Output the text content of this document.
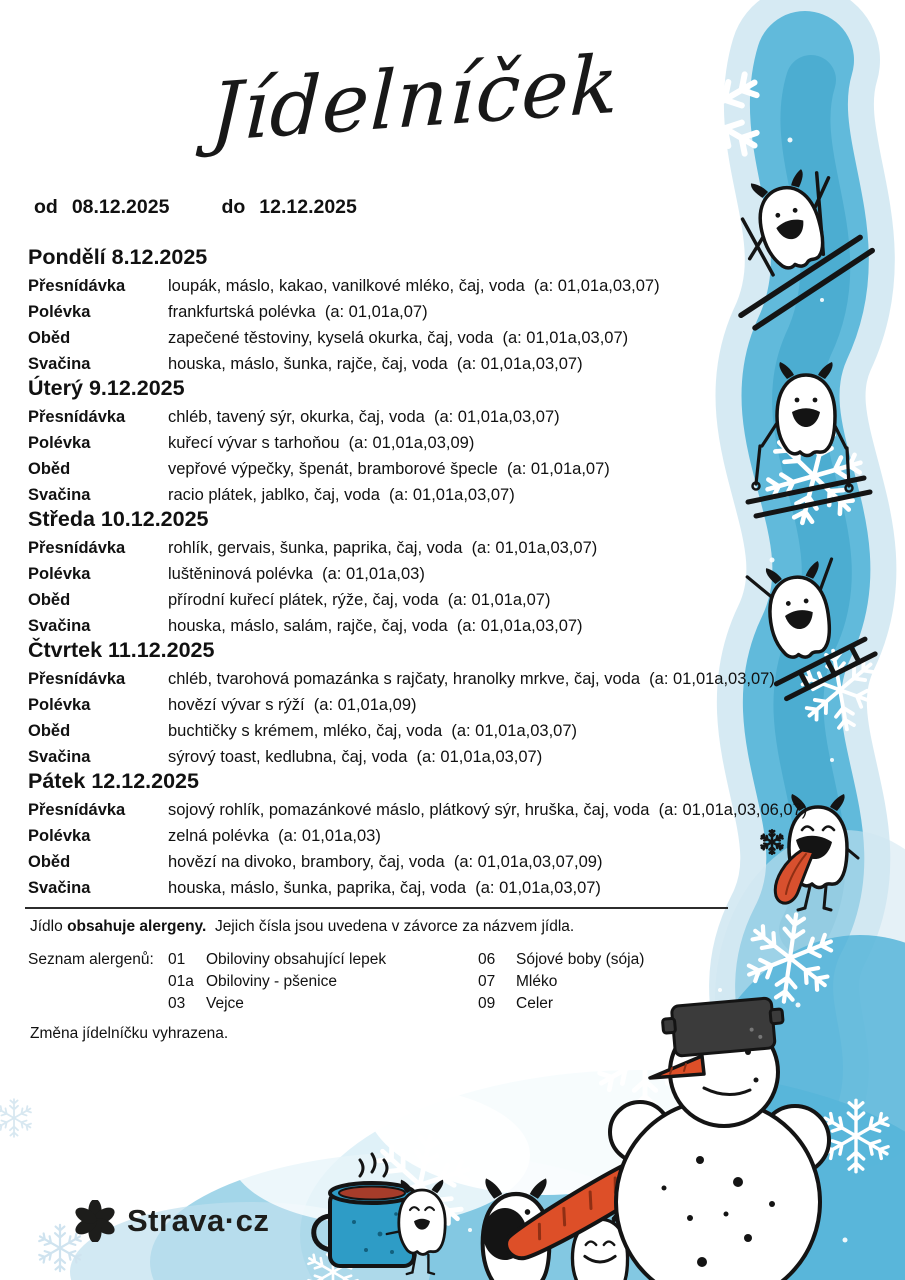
Jídelníček
od 08.12.2025	do 12.12.2025
Pondělí 8.12.2025
Přesnídávka	loupák, máslo, kakao, vanilkové mléko, čaj, voda  (a: 01,01a,03,07)
Polévka	frankfurtská polévka  (a: 01,01a,07)
Oběd	zapečené těstoviny, kyselá okurka, čaj, voda  (a: 01,01a,03,07)
Svačina	houska, máslo, šunka, rajče, čaj, voda  (a: 01,01a,03,07)
Úterý 9.12.2025
Přesnídávka	chléb, tavený sýr, okurka, čaj, voda  (a: 01,01a,03,07)
Polévka	kuřecí vývar s tarhoňou  (a: 01,01a,03,09)
Oběd	vepřové výpečky, špenát, bramborové špecle  (a: 01,01a,07)
Svačina	racio plátek, jablko, čaj, voda  (a: 01,01a,03,07)
Středa 10.12.2025
Přesnídávka	rohlík, gervais, šunka, paprika, čaj, voda  (a: 01,01a,03,07)
Polévka	luštěninová polévka  (a: 01,01a,03)
Oběd	přírodní kuřecí plátek, rýže, čaj, voda  (a: 01,01a,07)
Svačina	houska, máslo, salám, rajče, čaj, voda  (a: 01,01a,03,07)
Čtvrtek 11.12.2025
Přesnídávka	chléb, tvarohová pomazánka s rajčaty, hranolky mrkve, čaj, voda  (a: 01,01a,03,07)
Polévka	hovězí vývar s rýží  (a: 01,01a,09)
Oběd	buchtičky s krémem, mléko, čaj, voda  (a: 01,01a,03,07)
Svačina	sýrový toast, kedlubna, čaj, voda  (a: 01,01a,03,07)
Pátek 12.12.2025
Přesnídávka	sojový rohlík, pomazánkové máslo, plátkový sýr, hruška, čaj, voda  (a: 01,01a,03,06,07)
Polévka	zelná polévka  (a: 01,01a,03)
Oběd	hovězí na divoko, brambory, čaj, voda  (a: 01,01a,03,07,09)
Svačina	houska, máslo, šunka, paprika, čaj, voda  (a: 01,01a,03,07)

Jídlo obsahuje alergeny.  Jejich čísla jsou uvedena v závorce za názvem jídla.

Seznam alergenů: 01	Obiloviny obsahující lepek	06	Sójové boby (sója)
01a Obiloviny - pšenice	07	Mléko
03	Vejce	09	Celer

Změna jídelníčku vyhrazena.

Strava·cz
